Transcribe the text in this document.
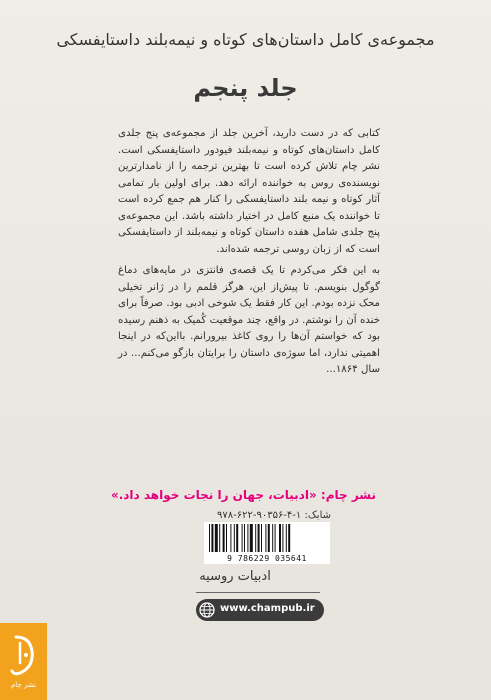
مجموعه‌ی کامل داستان‌های کوتاه و نیمه‌بلند داستایفسکی
جلد پنجم
کتابی که در دست دارید، آخرین جلد از مجموعه‌ی پنج جلدی کامل داستان‌های کوتاه و نیمه‌بلند فیودور داستایفسکی است. نشر چام تلاش کرده است تا بهترین ترجمه را از نامدارترین نویسنده‌ی روس به خواننده ارائه دهد. برای اولین بار تمامی آثار کوتاه و نیمه بلند داستایفسکی را کنار هم جمع کرده است تا خواننده یک منبع کامل در اختیار داشته باشد. این مجموعه‌ی پنج جلدی شامل هفده داستان کوتاه و نیمه‌بلند از داستایفسکی است که از زبان روسی ترجمه شده‌اند.
به این فکر می‌کردم تا یک قصه‌ی فانتزی در مایه‌های دماغ گوگول بنویسم. تا پیش‌از این، هرگز قلمم را در ژانر تخیلی محک نزده بودم. این کار فقط یک شوخی ادبی بود. صرفاً برای خنده آن را نوشتم. در واقع، چند موقعیت کُمیک به ذهنم رسیده بود که خواستم آن‌ها را روی کاغذ بیرورانم. بااین‌که در اینجا اهمیتی ندارد، اما سوژه‌ی داستان را برایتان بازگو می‌کنم... در سال ۱۸۶۴...
نشر چام: «ادبیات، جهان را نجات خواهد داد.»
شابک: ۱-۴-۹۰۳۵۶-۶۲۲-۹۷۸
9 786229 035641
ادبیات روسیه
www.champub.ir
نشر چام
